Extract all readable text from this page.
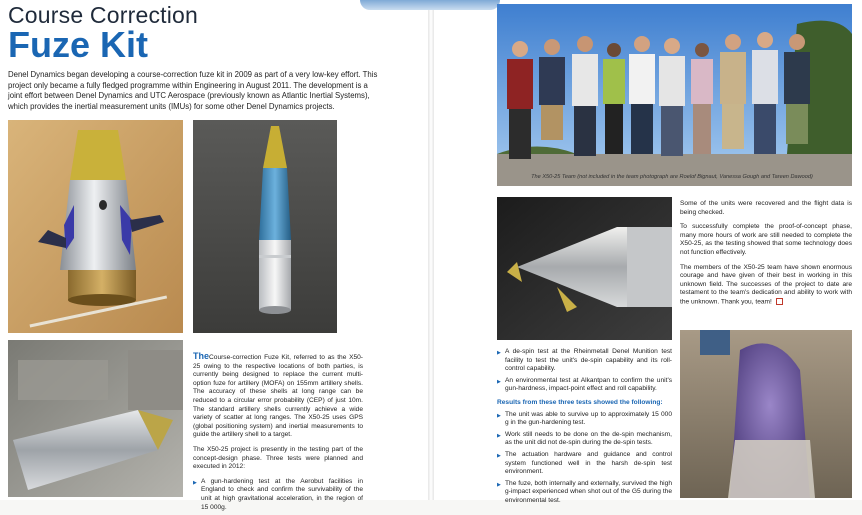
Course Correction
Fuze Kit
Denel Dynamics began developing a course-correction fuze kit in 2009 as part of a very low-key effort. This project only became a fully fledged programme within Engineering in August 2011. The development is a joint effort between Denel Dynamics and UTC Aerospace (previously known as Atlantic Inertial Systems), which provides the inertial measurement units (IMUs) for some other Denel Dynamics projects.

TheCourse-correction Fuze Kit, referred to as the X50-25 owing to the respective locations of both parties, is currently being designed to replace the current multi-option fuze for artillery (MOFA) on 155mm artillery shells. The accuracy of these shells at long range can be reduced to a circular error probability (CEP) of just 10m. The standard artillery shells currently achieve a wide variety of scatter at long ranges. The X50-25 uses GPS (global positioning system) and inertial measurements to guide the artillery shell to a target.

The X50-25 project is presently in the testing part of the concept-design phase. Three tests were planned and executed in 2012:

▶ A gun-hardening test at the Aerobut facilities in England to check and confirm the survivability of the unit at high gravitational acceleration, in the region of 15 000g.
The X50-25 Team (not included in the team photograph are Roelof Bignaut, Vanessa Gough and Tareen Dawood)
▶ A de-spin test at the Rheinmetall Denel Munition test facility to test the unit's de-spin capability and its roll-control capability.
▶ An environmental test at Alkantpan to confirm the unit's gun-hardness, impact-point effect and roll capability.
Results from these three tests showed the following:
▶ The unit was able to survive up to approximately 15 000 g in the gun-hardening test.
▶ Work still needs to be done on the de-spin mechanism, as the unit did not de-spin during the de-spin tests.
▶ The actuation hardware and guidance and control system functioned well in the harsh de-spin test environment.
▶ The fuze, both internally and externally, survived the high g-impact experienced when shot out of the G5 during the environmental test.

Some of the units were recovered and the flight data is being checked.

To successfully complete the proof-of-concept phase, many more hours of work are still needed to complete the X50-25, as the testing showed that some technology does not function effectively.

The members of the X50-25 team have shown enormous courage and have given of their best in working in this unknown field. The successes of the project to date are testament to the team's dedication and ability to work with the unknown. Thank you, team!
